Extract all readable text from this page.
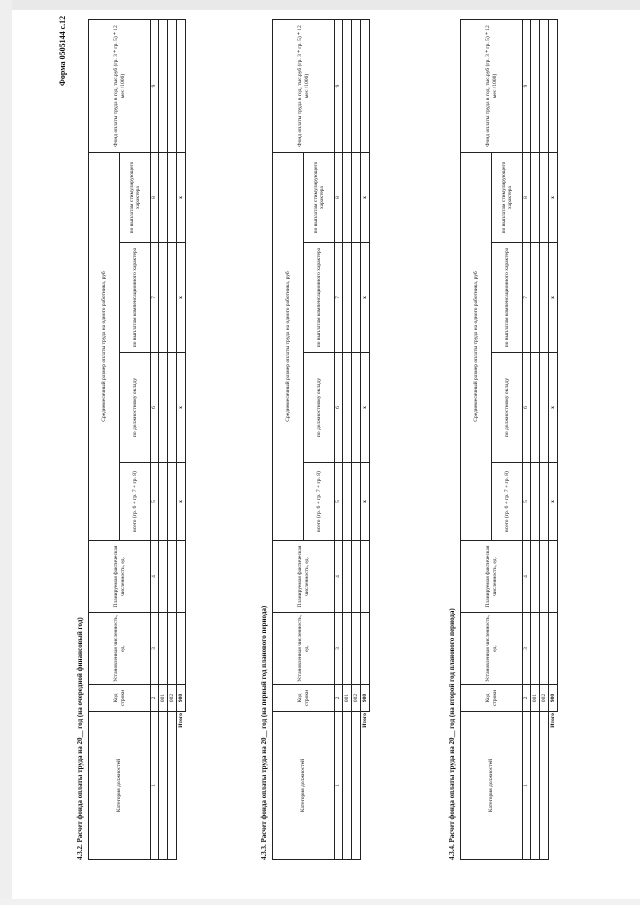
Форма 0505144 с.12
4.3.2. Расчет фонда оплаты труда на 20__ год (на очередной финансовый год)	Категория должностей	Код строки	Установленная численность, ед.	Планируемая фактическая численность, ед.	Среднемесячный размер оплаты труда на одного работника, руб				Фонд оплаты труда в год, тыс.руб (гр. 3 * гр. 5) * 12 мес /1000)
				всего (гр. 6 + гр. 7 + гр. 8)	по должностному окладу	по выплатам компенсационного характера	по выплатам стимулирующего характера	
1	2	3	4	5	6	7	8	9
	001							
	002							
Итого	900			x	x	x	x	
4.3.3. Расчет фонда оплаты труда на 20__ год (на первый год планового периода)	Категория должностей	Код строки	Установленная численность, ед.	Планируемая фактическая численность, ед.	Среднемесячный размер оплаты труда на одного работника, руб				Фонд оплаты труда в год, тыс.руб (гр. 3 * гр. 5) * 12 мес /1000)
				всего (гр. 6 + гр. 7 + гр. 8)	по должностному окладу	по выплатам компенсационного характера	по выплатам стимулирующего характера	
1	2	3	4	5	6	7	8	9
	001							
	002							
Итого	900			x	x	x	x	
4.3.4. Расчет фонда оплаты труда на 20__ год (на второй год планового периода)	Категория должностей	Код строки	Установленная численность, ед.	Планируемая фактическая численность, ед.	Среднемесячный размер оплаты труда на одного работника, руб				Фонд оплаты труда в год, тыс.руб (гр. 3 * гр. 5) * 12 мес /1000)
				всего (гр. 6 + гр. 7 + гр. 8)	по должностному окладу	по выплатам компенсационного характера	по выплатам стимулирующего характера	
1	2	3	4	5	6	7	8	9
	001							
	002							
Итого	900			x	x	x	x	
